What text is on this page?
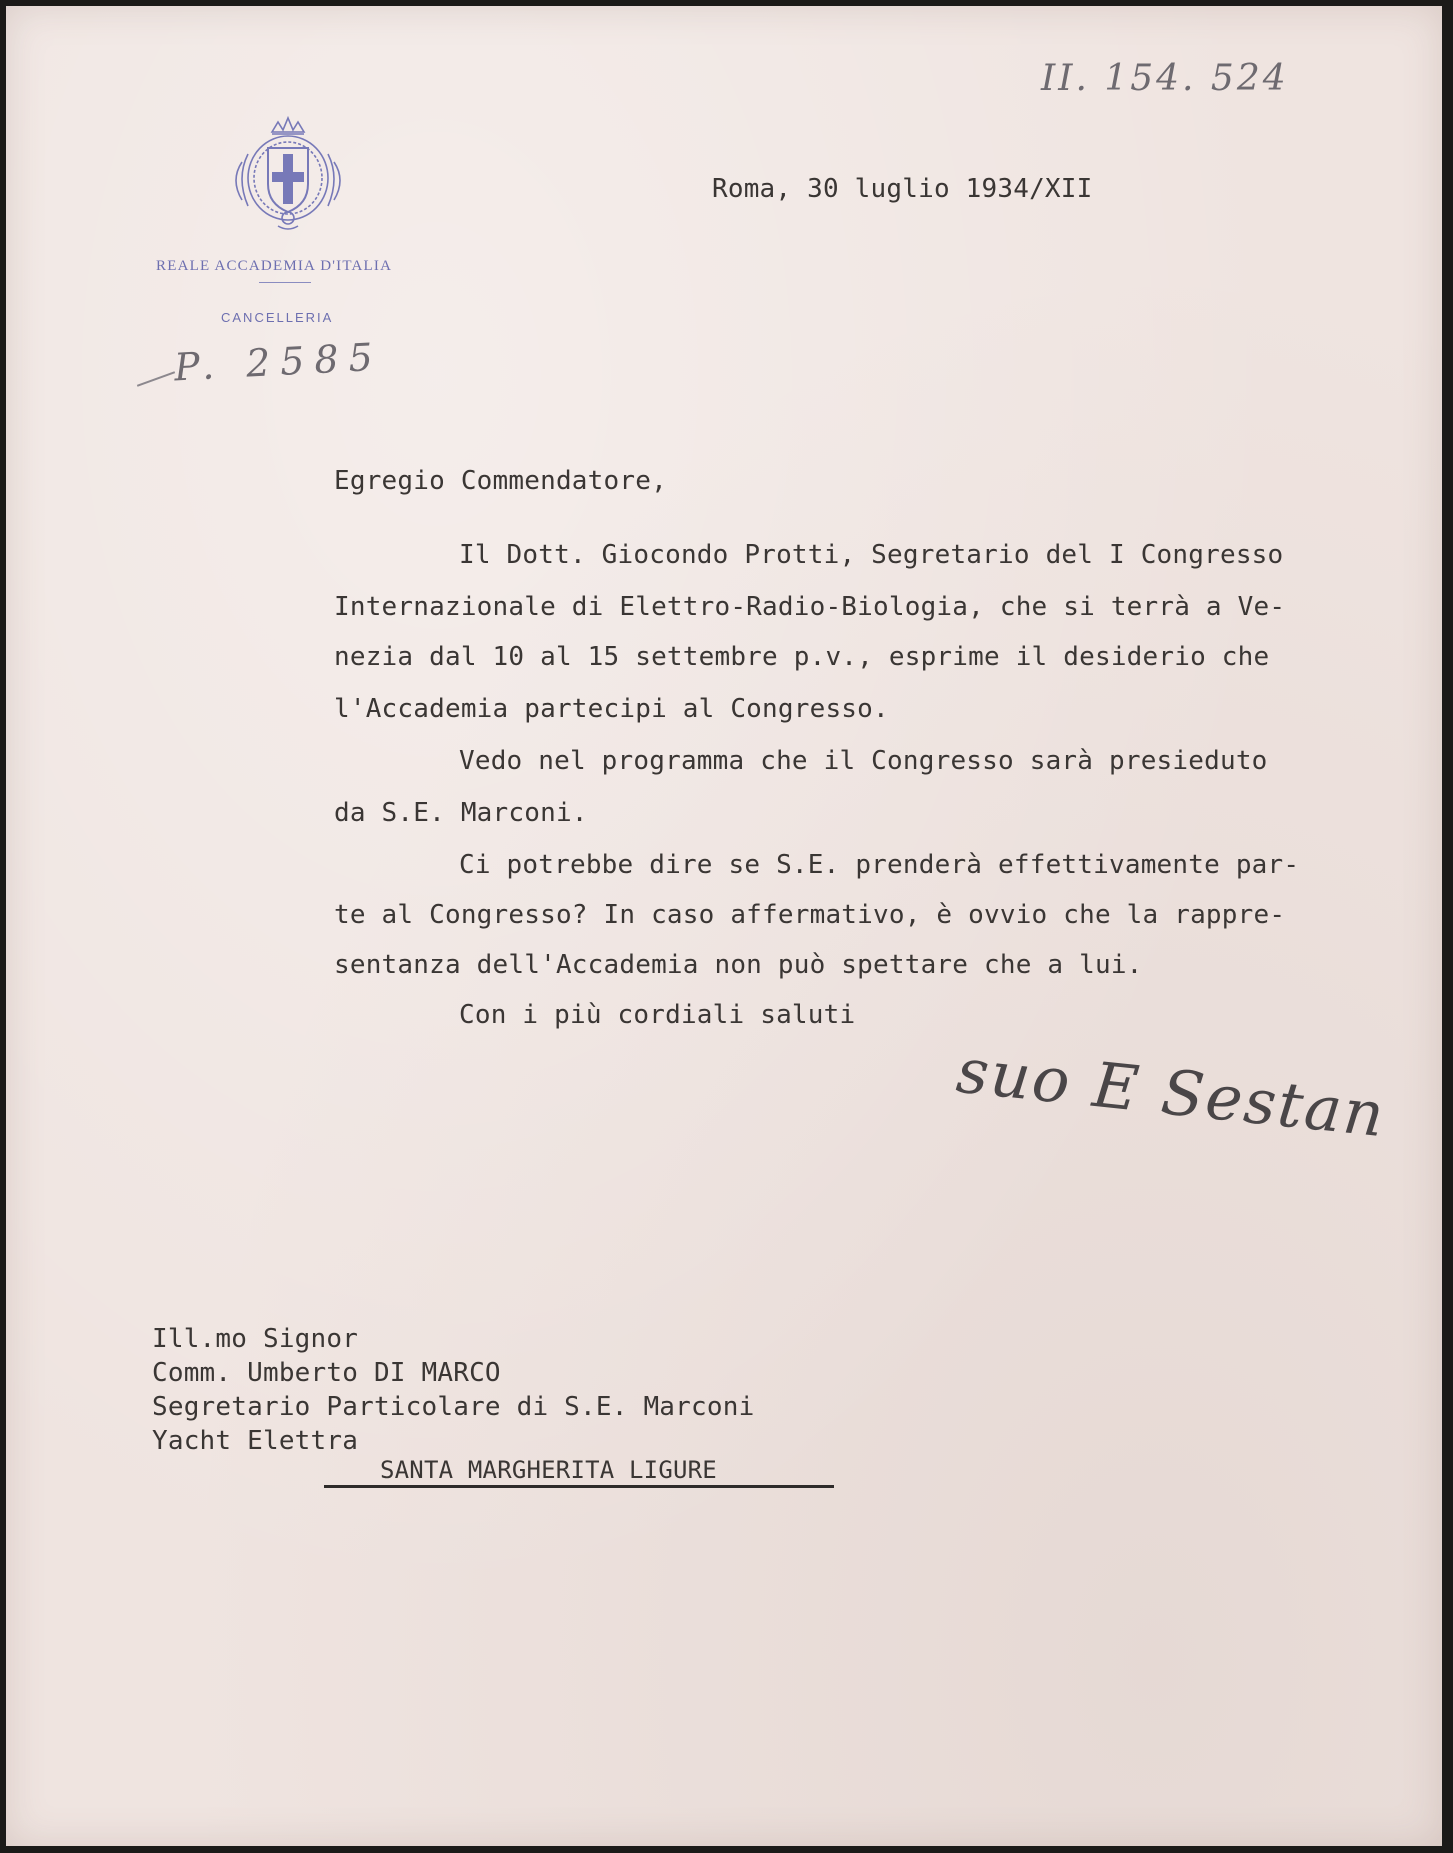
REALE ACCADEMIA D'ITALIA
CANCELLERIA
II. 154. 524
P. 2585
Roma, 30 luglio 1934/XII
Egregio Commendatore,
Il Dott. Giocondo Protti, Segretario del I Congresso
Internazionale di Elettro-Radio-Biologia, che si terrà a Ve-
nezia dal 10 al 15 settembre p.v., esprime il desiderio che
l'Accademia partecipi al Congresso.
Vedo nel programma che il Congresso sarà presieduto
da S.E. Marconi.
Ci potrebbe dire se S.E. prenderà effettivamente par-
te al Congresso? In caso affermativo, è ovvio che la rappre-
sentanza dell'Accademia non può spettare che a lui.
Con i più cordiali saluti
suo E Sestan
Ill.mo Signor
Comm. Umberto DI MARCO
Segretario Particolare di S.E. Marconi
Yacht Elettra
SANTA MARGHERITA LIGURE
